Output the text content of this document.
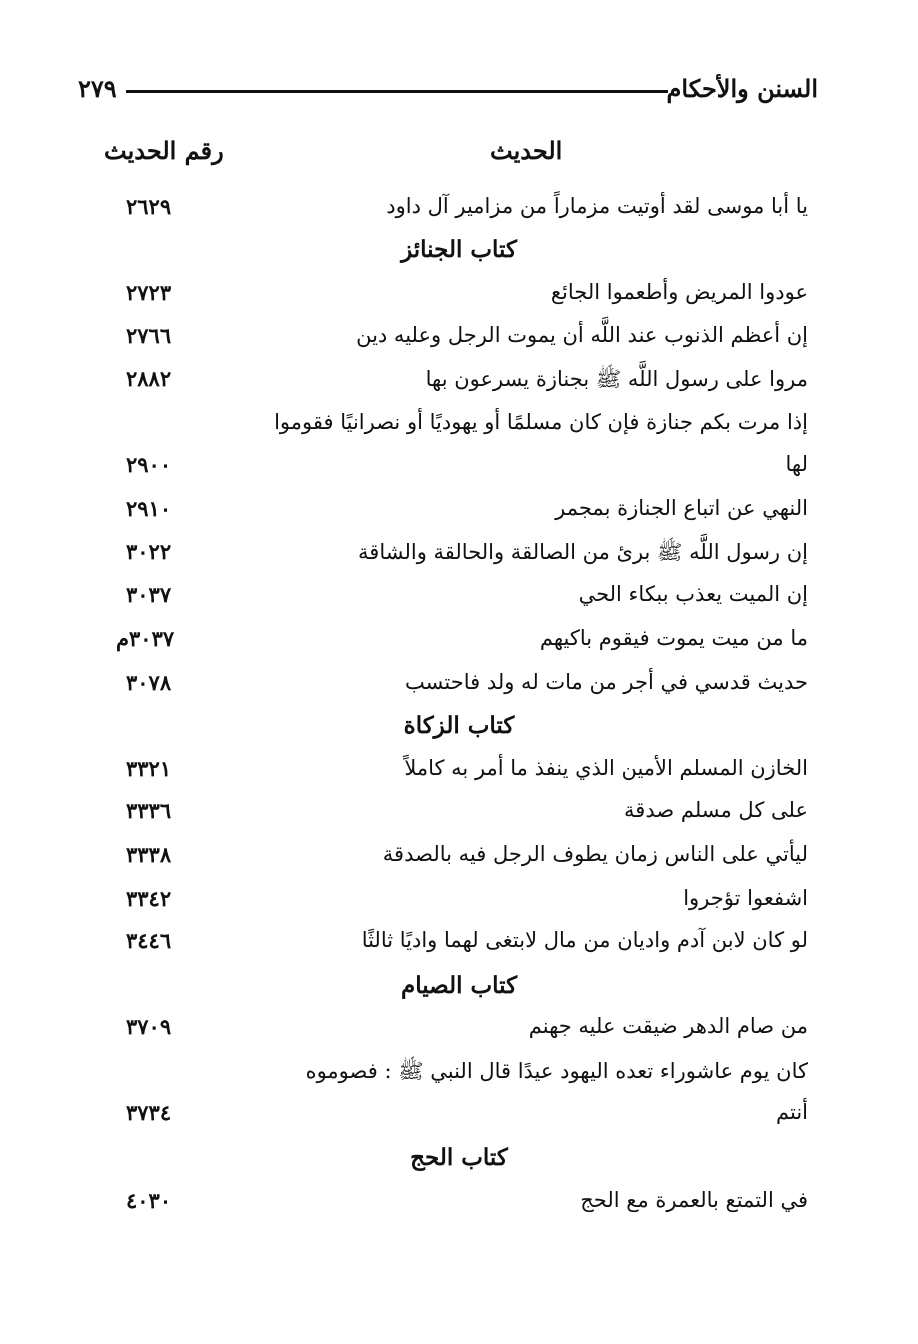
السنن والأحكام
٢٧٩
الحديث
رقم الحديث
يا أبا موسى لقد أوتيت مزماراً من مزامير آل داود
٢٦٢٩
كتاب الجنائز
عودوا المريض وأطعموا الجائع
٢٧٢٣
إن أعظم الذنوب عند اللَّه أن يموت الرجل وعليه دين
٢٧٦٦
مروا على رسول اللَّه ﷺ بجنازة يسرعون بها
٢٨٨٢
إذا مرت بكم جنازة فإن كان مسلمًا أو يهوديًا أو نصرانيًا فقوموا
لها
٢٩٠٠
النهي عن اتباع الجنازة بمجمر
٢٩١٠
إن رسول اللَّه ﷺ برئ من الصالقة والحالقة والشاقة
٣٠٢٢
إن الميت يعذب ببكاء الحي
٣٠٣٧
ما من ميت يموت فيقوم باكيهم
٣٠٣٧م
حديث قدسي في أجر من مات له ولد فاحتسب
٣٠٧٨
كتاب الزكاة
الخازن المسلم الأمين الذي ينفذ ما أمر به كاملاً
٣٣٢١
على كل مسلم صدقة
٣٣٣٦
ليأتي على الناس زمان يطوف الرجل فيه بالصدقة
٣٣٣٨
اشفعوا تؤجروا
٣٣٤٢
لو كان لابن آدم واديان من مال لابتغى لهما واديًا ثالثًا
٣٤٤٦
كتاب الصيام
من صام الدهر ضيقت عليه جهنم
٣٧٠٩
كان يوم عاشوراء تعده اليهود عيدًا قال النبي ﷺ : فصوموه
أنتم
٣٧٣٤
كتاب الحج
في التمتع بالعمرة مع الحج
٤٠٣٠
